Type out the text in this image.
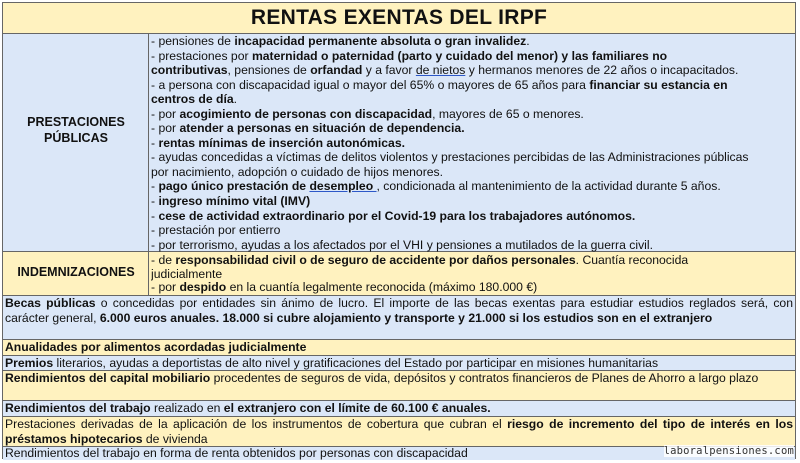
RENTAS EXENTAS DEL IRPF
PRESTACIONES
PÚBLICAS
- pensiones de incapacidad permanente absoluta o gran invalidez.
- prestaciones por maternidad o paternidad (parto y cuidado del menor) y las familiares no
contributivas, pensiones de orfandad y a favor de nietos y hermanos menores de 22 años o incapacitados.
- a persona con discapacidad igual o mayor del 65% o mayores de 65 años para financiar su estancia en
centros de día.
- por acogimiento de personas con discapacidad, mayores de 65 o menores.
- por atender a personas en situación de dependencia.
- rentas mínimas de inserción autonómicas.
- ayudas concedidas a víctimas de delitos violentos y prestaciones percibidas de las Administraciones públicas
por nacimiento, adopción o cuidado de hijos menores.
- pago único prestación de desempleo , condicionada al mantenimiento de la actividad durante 5 años.
- ingreso mínimo vital (IMV)
- cese de actividad extraordinario por el Covid-19 para los trabajadores autónomos.
- prestación por entierro
- por terrorismo, ayudas a los afectados por el VHI y pensiones a mutilados de la guerra civil.
INDEMNIZACIONES
- de responsabilidad civil o de seguro de accidente por daños personales. Cuantía reconocida
judicialmente
- por despido en la cuantía legalmente reconocida (máximo 180.000 €)
Becas públicas o concedidas por entidades sin ánimo de lucro. El importe de las becas exentas para estudiar estudios reglados será, con carácter general, 6.000 euros anuales. 18.000 si cubre alojamiento y transporte y 21.000 si los estudios son en el extranjero
Anualidades por alimentos acordadas judicialmente
Premios literarios, ayudas a deportistas de alto nivel y gratificaciones del Estado por participar en misiones humanitarias
Rendimientos del capital mobiliario procedentes de seguros de vida, depósitos y contratos financieros de Planes de Ahorro a largo plazo
Rendimientos del trabajo realizado en el extranjero con el límite de 60.100 € anuales.
Prestaciones derivadas de la aplicación de los instrumentos de cobertura que cubran el riesgo de incremento del tipo de interés en los préstamos hipotecarios de vivienda
Rendimientos del trabajo en forma de renta obtenidos por personas con discapacidad	laboralpensiones.com
